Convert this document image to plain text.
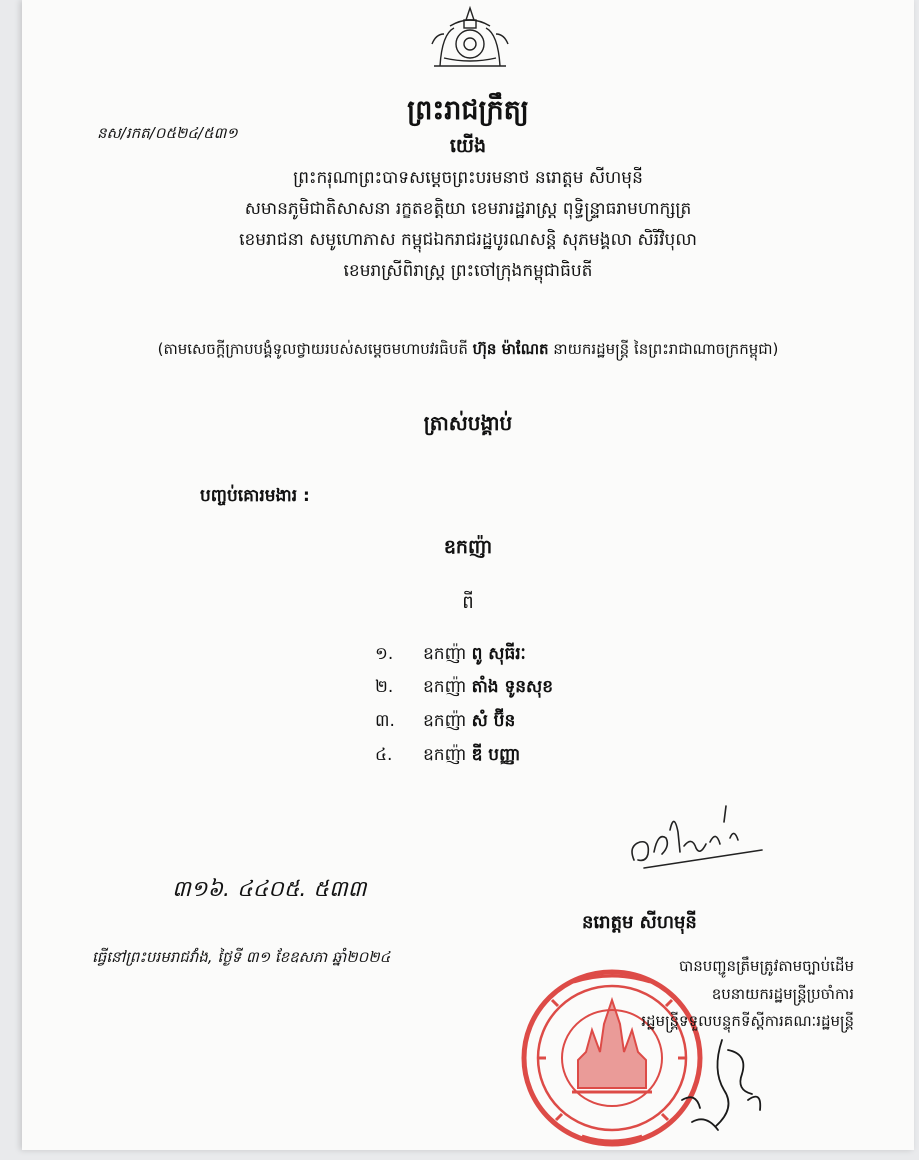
ព្រះរាជក្រឹត្យ
នស/រកត/០៥២៤/៥៣១
យើង
ព្រះករុណាព្រះបាទសម្ដេចព្រះបរមនាថ នរោត្ដម សីហមុនី
សមានភូមិជាតិសាសនា រក្ខតខត្តិយា ខេមរារដ្ឋរាស្ត្រ ពុទ្ធិន្ទ្រាធរាមហាក្សត្រ
ខេមរាជនា សមូហោភាស កម្ពុជឯករាជរដ្ឋបូរណសន្តិ សុភមង្គលា សិរីវិបុលា
ខេមរាស្រីពិរាស្ត្រ ព្រះចៅក្រុងកម្ពុជាធិបតី
(តាមសេចក្តីក្រាបបង្គំទូលថ្វាយរបស់សម្តេចមហាបវរធិបតី ហ៊ុន ម៉ាណែត នាយករដ្ឋមន្ត្រី នៃព្រះរាជាណាចក្រកម្ពុជា)
ត្រាស់បង្គាប់
បញ្ចប់គោរមងារ :
ឧកញ៉ា
ពី
១. ឧកញ៉ា ពូ សុធីរៈ
២. ឧកញ៉ា តាំង ទូនសុខ
៣. ឧកញ៉ា សំ ប៊ីន
៤. ឧកញ៉ា ឌី បញ្ញា
៣១៦. ៤៤០៥. ៥៣៣
ធ្វើនៅព្រះបរមរាជវាំង, ថ្ងៃទី ៣១ ខែឧសភា ឆ្នាំ២០២៤
នរោត្តម សីហមុនី
បានបញ្ជូនត្រឹមត្រូវតាមច្បាប់ដើម
ឧបនាយករដ្ឋមន្ត្រីប្រចាំការ
រដ្ឋមន្ត្រីទទួលបន្ទុកទីស្តីការគណៈរដ្ឋមន្ត្រី
